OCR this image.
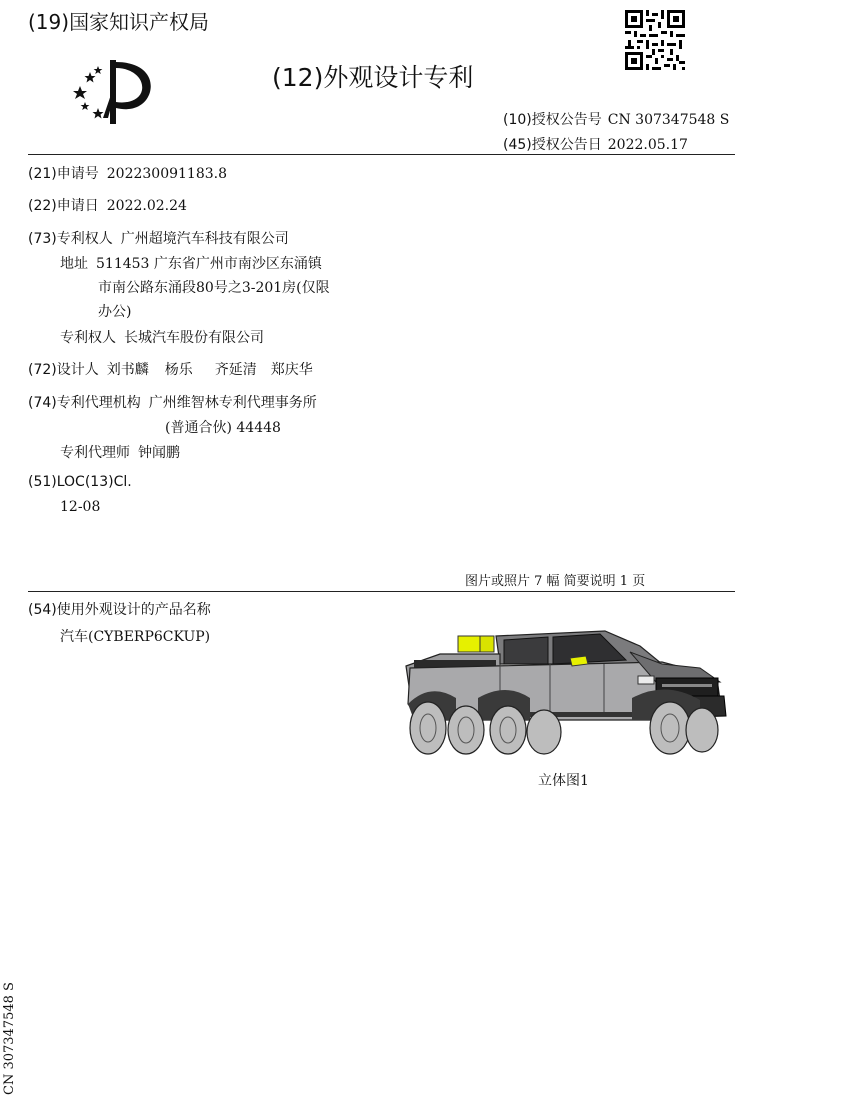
(19)国家知识产权局
(12)外观设计专利
(10)授权公告号 CN 307347548 S
(45)授权公告日 2022.05.17
(21)申请号 202230091183.8
(22)申请日 2022.02.24
(73)专利权人 广州超境汽车科技有限公司
地址 511453 广东省广州市南沙区东涌镇
市南公路东涌段80号之3-201房(仅限
办公)
专利权人 长城汽车股份有限公司
(72)设计人 刘书麟 杨乐 齐延清 郑庆华
(74)专利代理机构 广州维智林专利代理事务所
(普通合伙) 44448
专利代理师 钟闻鹏
(51)LOC(13)Cl.
12-08
图片或照片 7 幅 简要说明 1 页
(54)使用外观设计的产品名称
汽车(CYBERP6CKUP)
立体图1
CN 307347548 S
